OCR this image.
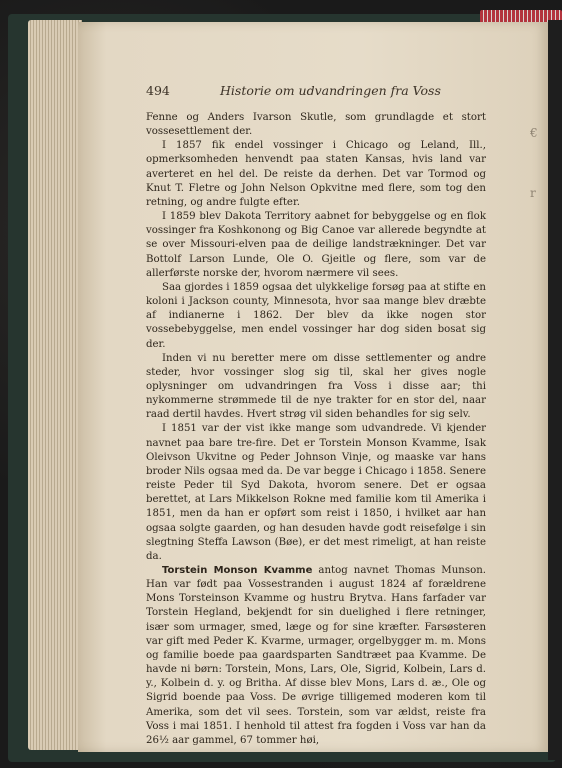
494	Historie om udvandringen fra Voss

Fenne og Anders Ivarson Skutle, som grundlagde et stort vossesettlement der.

I 1857 fik endel vossinger i Chicago og Leland, Ill., opmerksomheden henvendt paa staten Kansas, hvis land var averteret en hel del. De reiste da derhen. Det var Tormod og Knut T. Fletre og John Nelson Opkvitne med flere, som tog den retning, og andre fulgte efter.

I 1859 blev Dakota Territory aabnet for bebyggelse og en flok vossinger fra Koshkonong og Big Canoe var allerede begyndte at se over Missouri-elven paa de deilige landstrækninger. Det var Bottolf Larson Lunde, Ole O. Gjeitle og flere, som var de allerførste norske der, hvorom nærmere vil sees.

Saa gjordes i 1859 ogsaa det ulykkelige forsøg paa at stifte en koloni i Jackson county, Minnesota, hvor saa mange blev dræbte af indianerne i 1862. Der blev da ikke nogen stor vossebebyggelse, men endel vossinger har dog siden bosat sig der.

Inden vi nu beretter mere om disse settlementer og andre steder, hvor vossinger slog sig til, skal her gives nogle oplysninger om udvandringen fra Voss i disse aar; thi nykommerne strømmede til de nye trakter for en stor del, naar raad dertil havdes. Hvert strøg vil siden behandles for sig selv.

I 1851 var der vist ikke mange som udvandrede. Vi kjender navnet paa bare tre-fire. Det er Torstein Monson Kvamme, Isak Oleivson Ukvitne og Peder Johnson Vinje, og maaske var hans broder Nils ogsaa med da. De var begge i Chicago i 1858. Senere reiste Peder til Syd Dakota, hvorom senere. Det er ogsaa berettet, at Lars Mikkelson Rokne med familie kom til Amerika i 1851, men da han er opført som reist i 1850, i hvilket aar han ogsaa solgte gaarden, og han desuden havde godt reisefølge i sin slegtning Steffa Lawson (Bøe), er det mest rimeligt, at han reiste da.

Torstein Monson Kvamme antog navnet Thomas Munson. Han var født paa Vossestranden i august 1824 af forældrene Mons Torsteinson Kvamme og hustru Brytva. Hans farfader var Torstein Hegland, bekjendt for sin duelighed i flere retninger, især som urmager, smed, læge og for sine kræfter. Farsøsteren var gift med Peder K. Kvarme, urmager, orgelbygger m. m. Mons og familie boede paa gaardsparten Sandtræet paa Kvamme. De havde ni børn: Torstein, Mons, Lars, Ole, Sigrid, Kolbein, Lars d. y., Kolbein d. y. og Britha. Af disse blev Mons, Lars d. æ., Ole og Sigrid boende paa Voss. De øvrige tilligemed moderen kom til Amerika, som det vil sees. Torstein, som var ældst, reiste fra Voss i mai 1851. I henhold til attest fra fogden i Voss var han da 26½ aar gammel, 67 tommer høi,

€
r
